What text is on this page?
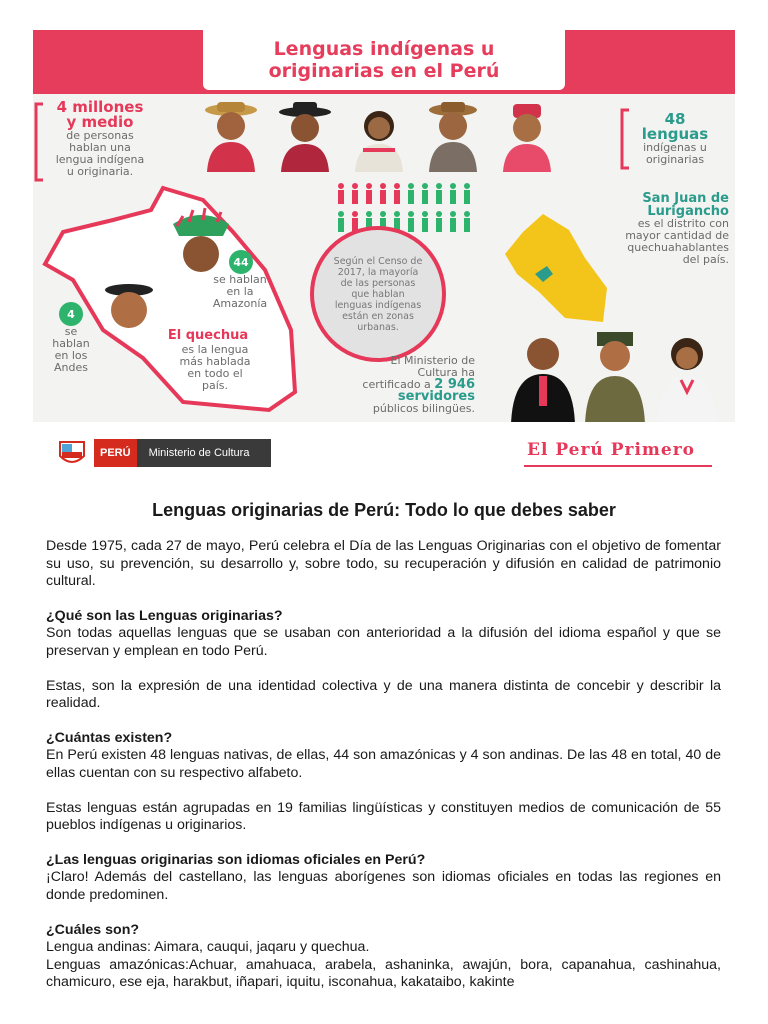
Lenguas indígenas u
originarias en el Perú
4 millones
y medio
de personas
hablan una
lengua indígena
u originaria.
48
lenguas
indígenas u
originarias
44
se hablan
en la
Amazonía
4
se
hablan
en los
Andes
El quechua
es la lengua
más hablada
en todo el
país.
Según el Censo de 2017, la mayoría de las personas que hablan lenguas indígenas están en zonas urbanas.
San Juan de
Lurigancho
es el distrito con
mayor cantidad de
quechuahablantes
del país.
El Ministerio de
Cultura ha
certificado a 2 946
servidores
públicos bilingües.
PERÚ	Ministerio de Cultura	El Perú Primero
Lenguas originarias de Perú: Todo lo que debes saber

Desde 1975, cada 27 de mayo, Perú celebra el Día de las Lenguas Originarias con el objetivo de fomentar su uso, su prevención, su desarrollo y, sobre todo, su recuperación y difusión en calidad de patrimonio cultural.

¿Qué son las Lenguas originarias?

Son todas aquellas lenguas que se usaban con anterioridad a la difusión del idioma español y que se preservan y emplean en todo Perú.

Estas, son la expresión de una identidad colectiva y de una manera distinta de concebir y describir la realidad.

¿Cuántas existen?

En Perú existen 48 lenguas nativas, de ellas, 44 son amazónicas y 4 son andinas. De las 48 en total, 40 de ellas cuentan con su respectivo alfabeto.

Estas lenguas están agrupadas en 19 familias lingüísticas y constituyen medios de comunicación de 55 pueblos indígenas u originarios.

¿Las lenguas originarias son idiomas oficiales en Perú?

¡Claro! Además del castellano, las lenguas aborígenes son idiomas oficiales en todas las regiones en donde predominen.

¿Cuáles son?

Lengua andinas: Aimara, cauqui, jaqaru y quechua.

Lenguas amazónicas:Achuar, amahuaca, arabela, ashaninka, awajún, bora, capanahua, cashinahua, chamicuro, ese eja, harakbut, iñapari, iquitu, isconahua, kakataibo, kakinte
